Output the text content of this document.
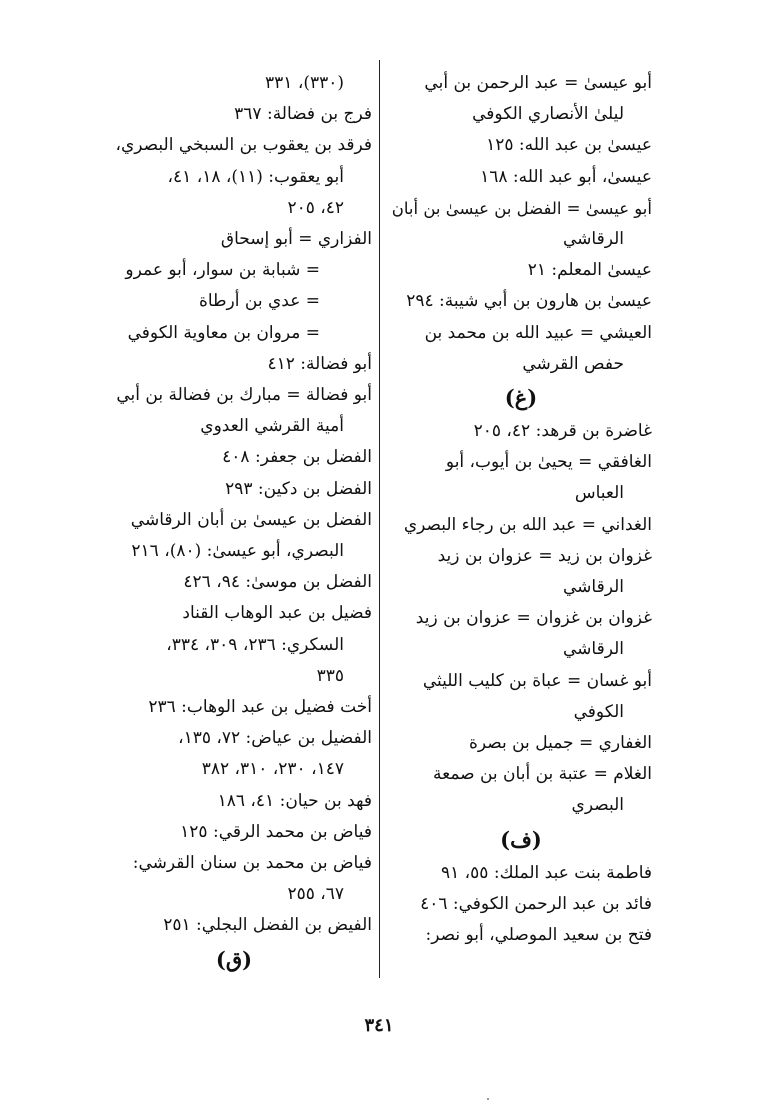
أبو عيسىٰ = عبد الرحمن بن أبي
ليلىٰ الأنصاري الكوفي
عيسىٰ بن عبد الله: ١٢٥
عيسىٰ، أبو عبد الله: ١٦٨
أبو عيسىٰ = الفضل بن عيسىٰ بن أبان
الرقاشي
عيسىٰ المعلم: ٢١
عيسىٰ بن هارون بن أبي شيبة: ٢٩٤
العيشي = عبيد الله بن محمد بن
حفص القرشي
(غ)
غاضرة بن قرهد: ٤٢، ٢٠٥
الغافقي = يحيىٰ بن أيوب، أبو
العباس
الغداني = عبد الله بن رجاء البصري
غزوان بن زيد = عزوان بن زيد
الرقاشي
غزوان بن غزوان = عزوان بن زيد
الرقاشي
أبو غسان = عباة بن كليب الليثي
الكوفي
الغفاري = جميل بن بصرة
الغلام = عتبة بن أبان بن صمعة
البصري
(ف)
فاطمة بنت عبد الملك: ٥٥، ٩١
فائد بن عبد الرحمن الكوفي: ٤٠٦
فتح بن سعيد الموصلي، أبو نصر:
(٣٣٠)، ٣٣١
فرج بن فضالة: ٣٦٧
فرقد بن يعقوب بن السبخي البصري،
أبو يعقوب: (١١)، ١٨، ٤١،
٤٢، ٢٠٥
الفزاري = أبو إسحاق
= شبابة بن سوار، أبو عمرو
= عدي بن أرطاة
= مروان بن معاوية الكوفي
أبو فضالة: ٤١٢
أبو فضالة = مبارك بن فضالة بن أبي
أمية القرشي العدوي
الفضل بن جعفر: ٤٠٨
الفضل بن دكين: ٢٩٣
الفضل بن عيسىٰ بن أبان الرقاشي
البصري، أبو عيسىٰ: (٨٠)، ٢١٦
الفضل بن موسىٰ: ٩٤، ٤٢٦
فضيل بن عبد الوهاب القناد
السكري: ٢٣٦، ٣٠٩، ٣٣٤،
٣٣٥
أخت فضيل بن عبد الوهاب: ٢٣٦
الفضيل بن عياض: ٧٢، ١٣٥،
١٤٧، ٢٣٠، ٣١٠، ٣٨٢
فهد بن حيان: ٤١، ١٨٦
فياض بن محمد الرقي: ١٢٥
فياض بن محمد بن سنان القرشي:
٦٧، ٢٥٥
الفيض بن الفضل البجلي: ٢٥١
(ق)
٣٤١
